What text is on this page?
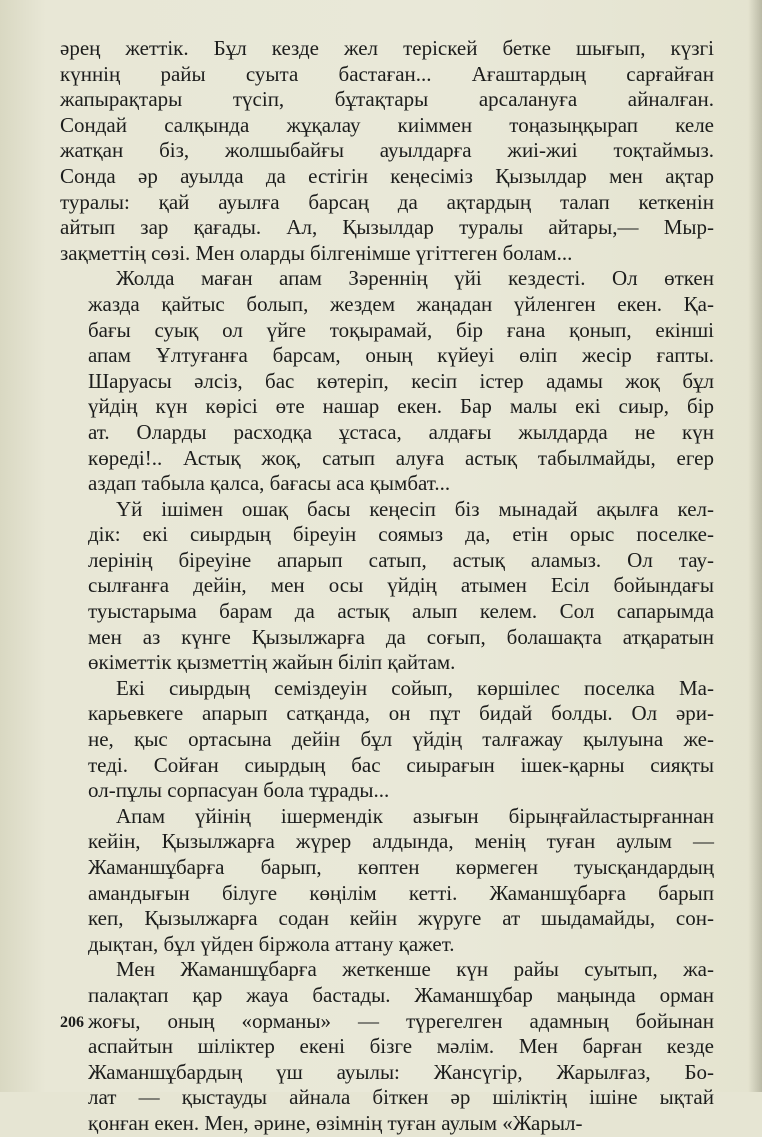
əрең жеттік. Бұл кезде жел теріскей беткe шығып, күзгі
күннің райы суыта бастаған... Ағаштардың сарғайған
жапырақтары түсіп, бұтақтары арсалануға айналған.
Сондай салқында жұқалау киіммен тоңазыңқырап келе
жатқан біз, жолшыбайғы ауылдарға жиі-жиі тоқтаймыз.
Сонда әр ауылда да естігін кеңесіміз Қызылдар мен ақтар
туралы: қай ауылға барсаң да ақтардың талап кеткенін
айтып зар қағады. Ал, Қызылдар туралы айтары,— Мыр-
зақметтің сөзі. Мен оларды білгенімше үгіттеген болам...
Жолда маған апам Зәреннің үйі кездесті. Ол өткен
жазда қайтыс болып, жездем жаңадан үйленген екен. Қа-
бағы суық ол үйге тоқырамай, бір ғана қонып, екінші
апам Ұлтуғанға барсам, оның күйеуі өліп жесір ғапты.
Шаруасы әлсіз, бас көтеріп, кесіп істер адамы жоқ бұл
үйдің күн көрісі өте нашар екен. Бар малы екі сиыр, бір
ат. Оларды расходқа ұстаса, алдағы жылдарда не күн
көреді!.. Астық жоқ, сатып алуға астық табылмайды, егер
аздап табыла қалса, бағасы аса қымбат...
Үй ішімен ошақ басы кеңесіп біз мынадай ақылға кел-
дік: екі сиырдың біреуін соямыз да, етін орыс поселке-
лерінің біреуіне апарып сатып, астық аламыз. Ол тау-
сылғанға дейін, мен осы үйдің атымен Есіл бойындағы
туыстарыма барам да астық алып келем. Сол сапарымда
мен аз күнге Қызылжарға да соғып, болашақта атқаратын
өкіметтік қызметтің жайын біліп қайтам.
Екі сиырдың семіздеуін сойып, көршілес поселка Ма-
карьевкеге апарып сатқанда, он пұт бидай болды. Ол әри-
не, қыс ортасына дейін бұл үйдің талғажау қылуына же-
теді. Сойған сиырдың бас сиырағын ішек-қарны сияқты
ол-пұлы сорпасуан бола тұрады...
Апам үйінің ішермендік азығын бірыңғайластырғаннан
кейін, Қызылжарға жүрер алдында, менің туған аулым —
Жаманшұбарға барып, көптен көрмеген туысқандардың
амандығын білуге көңілім кетті. Жаманшұбарға барып
кеп, Қызылжарға содан кейін жүруге ат шыдамайды, сон-
дықтан, бұл үйден біржола аттану қажет.
Мен Жаманшұбарға жеткенше күн райы суытып, жа-
палақтап қар жауа бастады. Жаманшұбар маңында орман
жоғы, оның «орманы» — түрегелген адамның бойынан
аспайтын шіліктер екені бізге мәлім. Мен барған кезде
Жаманшұбардың үш ауылы: Жансүгір, Жарылғаз, Бо-
лат — қыстауды айнала біткен әр шіліктің ішіне ықтай
қонған екен. Мен, әрине, өзімнің туған аулым «Жарыл-
206
